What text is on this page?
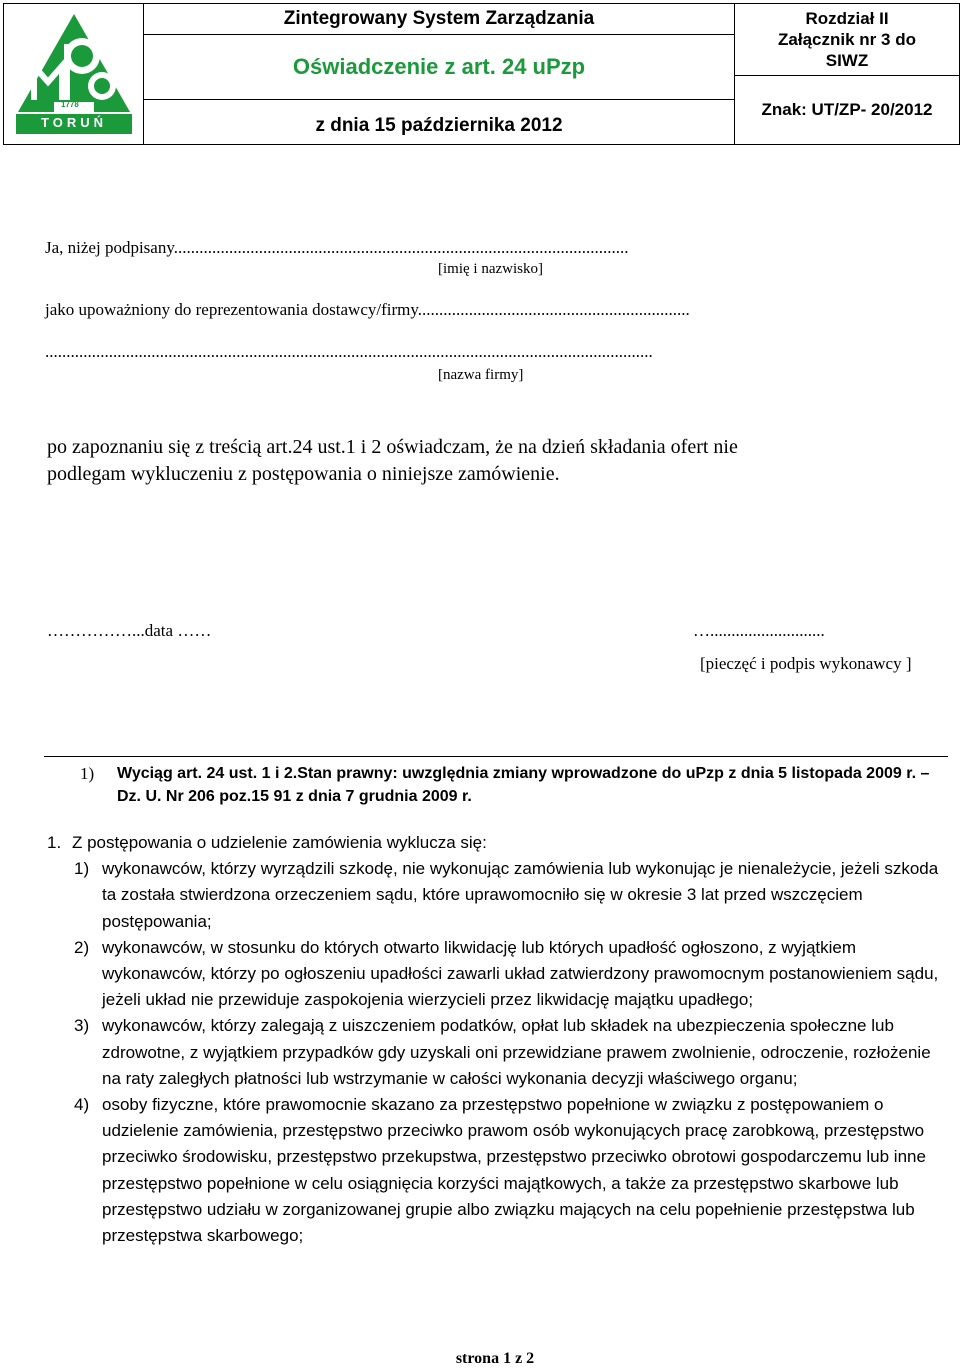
1778
TORUŃ
Zintegrowany System Zarządzania
Oświadczenie z art. 24 uPzp
z dnia 15 października 2012
Rozdział II
Załącznik nr 3 do
SIWZ
Znak: UT/ZP- 20/2012
Ja, niżej podpisany...........................................................................................................
[imię i nazwisko]
jako upoważniony do reprezentowania dostawcy/firmy................................................................
...............................................................................................................................................
[nazwa firmy]
po zapoznaniu się z treścią art.24 ust.1 i 2 oświadczam, że na dzień składania ofert nie
podlegam wykluczeniu z postępowania o niniejsze zamówienie.
……………...data ……	…...........................
[pieczęć i podpis wykonawcy ]
1) Wyciąg art. 24 ust. 1 i 2.Stan prawny: uwzględnia zmiany wprowadzone do uPzp z dnia 5 listopada 2009 r. – Dz. U. Nr 206 poz.15 91 z dnia 7 grudnia 2009 r.
1. Z postępowania o udzielenie zamówienia wyklucza się:
1) wykonawców, którzy wyrządzili szkodę, nie wykonując zamówienia lub wykonując je nienależycie, jeżeli szkoda ta została stwierdzona orzeczeniem sądu, które uprawomocniło się w okresie 3 lat przed wszczęciem postępowania;
2) wykonawców, w stosunku do których otwarto likwidację lub których upadłość ogłoszono, z wyjątkiem wykonawców, którzy po ogłoszeniu upadłości zawarli układ zatwierdzony prawomocnym postanowieniem sądu, jeżeli układ nie przewiduje zaspokojenia wierzycieli przez likwidację majątku upadłego;
3) wykonawców, którzy zalegają z uiszczeniem podatków, opłat lub składek na ubezpieczenia społeczne lub zdrowotne, z wyjątkiem przypadków gdy uzyskali oni przewidziane prawem zwolnienie, odroczenie, rozłożenie na raty zaległych płatności lub wstrzymanie w całości wykonania decyzji właściwego organu;
4) osoby fizyczne, które prawomocnie skazano za przestępstwo popełnione w związku z postępowaniem o udzielenie zamówienia, przestępstwo przeciwko prawom osób wykonujących pracę zarobkową, przestępstwo przeciwko środowisku, przestępstwo przekupstwa, przestępstwo przeciwko obrotowi gospodarczemu lub inne przestępstwo popełnione w celu osiągnięcia korzyści majątkowych, a także za przestępstwo skarbowe lub przestępstwo udziału w zorganizowanej grupie albo związku mających na celu popełnienie przestępstwa lub przestępstwa skarbowego;
strona 1 z 2
